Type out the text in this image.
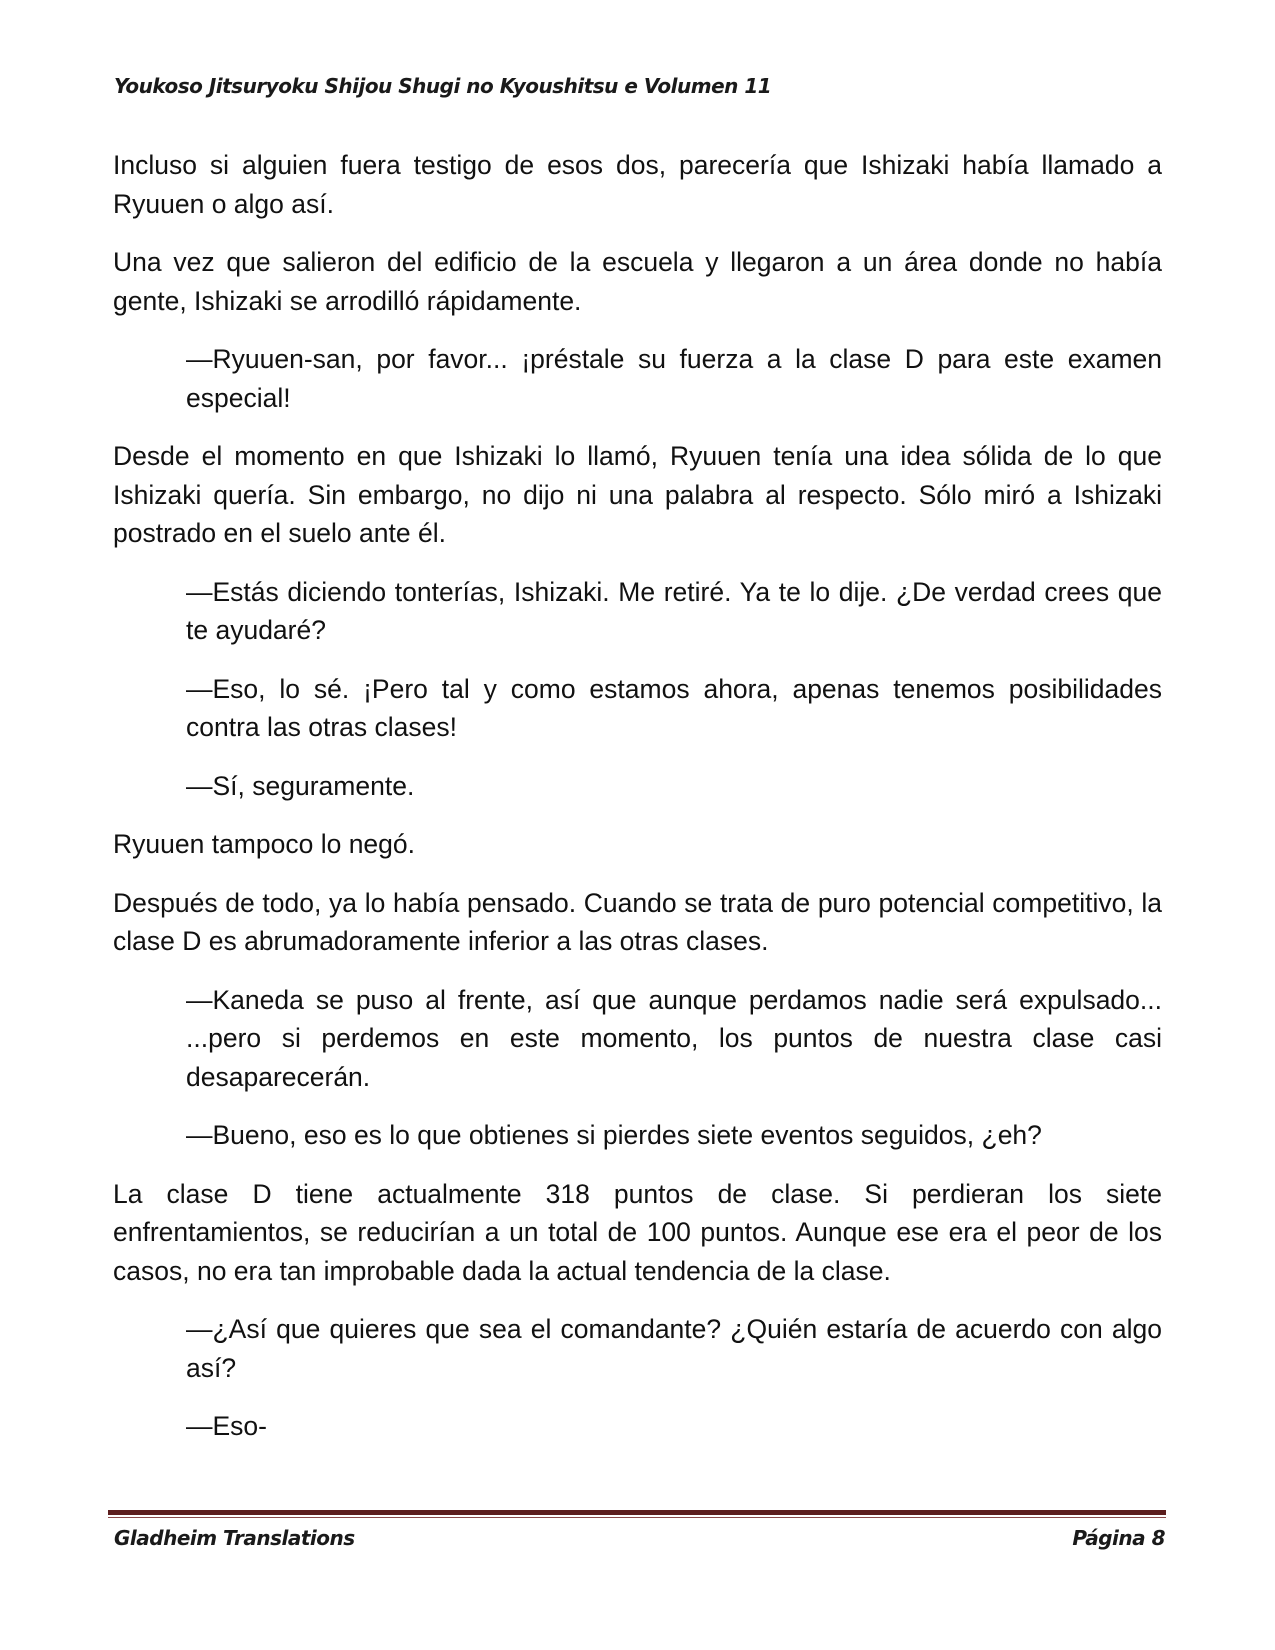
Youkoso Jitsuryoku Shijou Shugi no Kyoushitsu e Volumen 11

Incluso si alguien fuera testigo de esos dos, parecería que Ishizaki había llamado a Ryuuen o algo así.

Una vez que salieron del edificio de la escuela y llegaron a un área donde no había gente, Ishizaki se arrodilló rápidamente.

—Ryuuen-san, por favor... ¡préstale su fuerza a la clase D para este examen especial!

Desde el momento en que Ishizaki lo llamó, Ryuuen tenía una idea sólida de lo que Ishizaki quería. Sin embargo, no dijo ni una palabra al respecto. Sólo miró a Ishizaki postrado en el suelo ante él.

—Estás diciendo tonterías, Ishizaki. Me retiré. Ya te lo dije. ¿De verdad crees que te ayudaré?

—Eso, lo sé. ¡Pero tal y como estamos ahora, apenas tenemos posibilidades contra las otras clases!

—Sí, seguramente.

Ryuuen tampoco lo negó.

Después de todo, ya lo había pensado. Cuando se trata de puro potencial competitivo, la clase D es abrumadoramente inferior a las otras clases.

—Kaneda se puso al frente, así que aunque perdamos nadie será expulsado... ...pero si perdemos en este momento, los puntos de nuestra clase casi desaparecerán.

—Bueno, eso es lo que obtienes si pierdes siete eventos seguidos, ¿eh?

La clase D tiene actualmente 318 puntos de clase. Si perdieran los siete enfrentamientos, se reducirían a un total de 100 puntos. Aunque ese era el peor de los casos, no era tan improbable dada la actual tendencia de la clase.

—¿Así que quieres que sea el comandante? ¿Quién estaría de acuerdo con algo así?

—Eso-

Gladheim Translations	Página 8
